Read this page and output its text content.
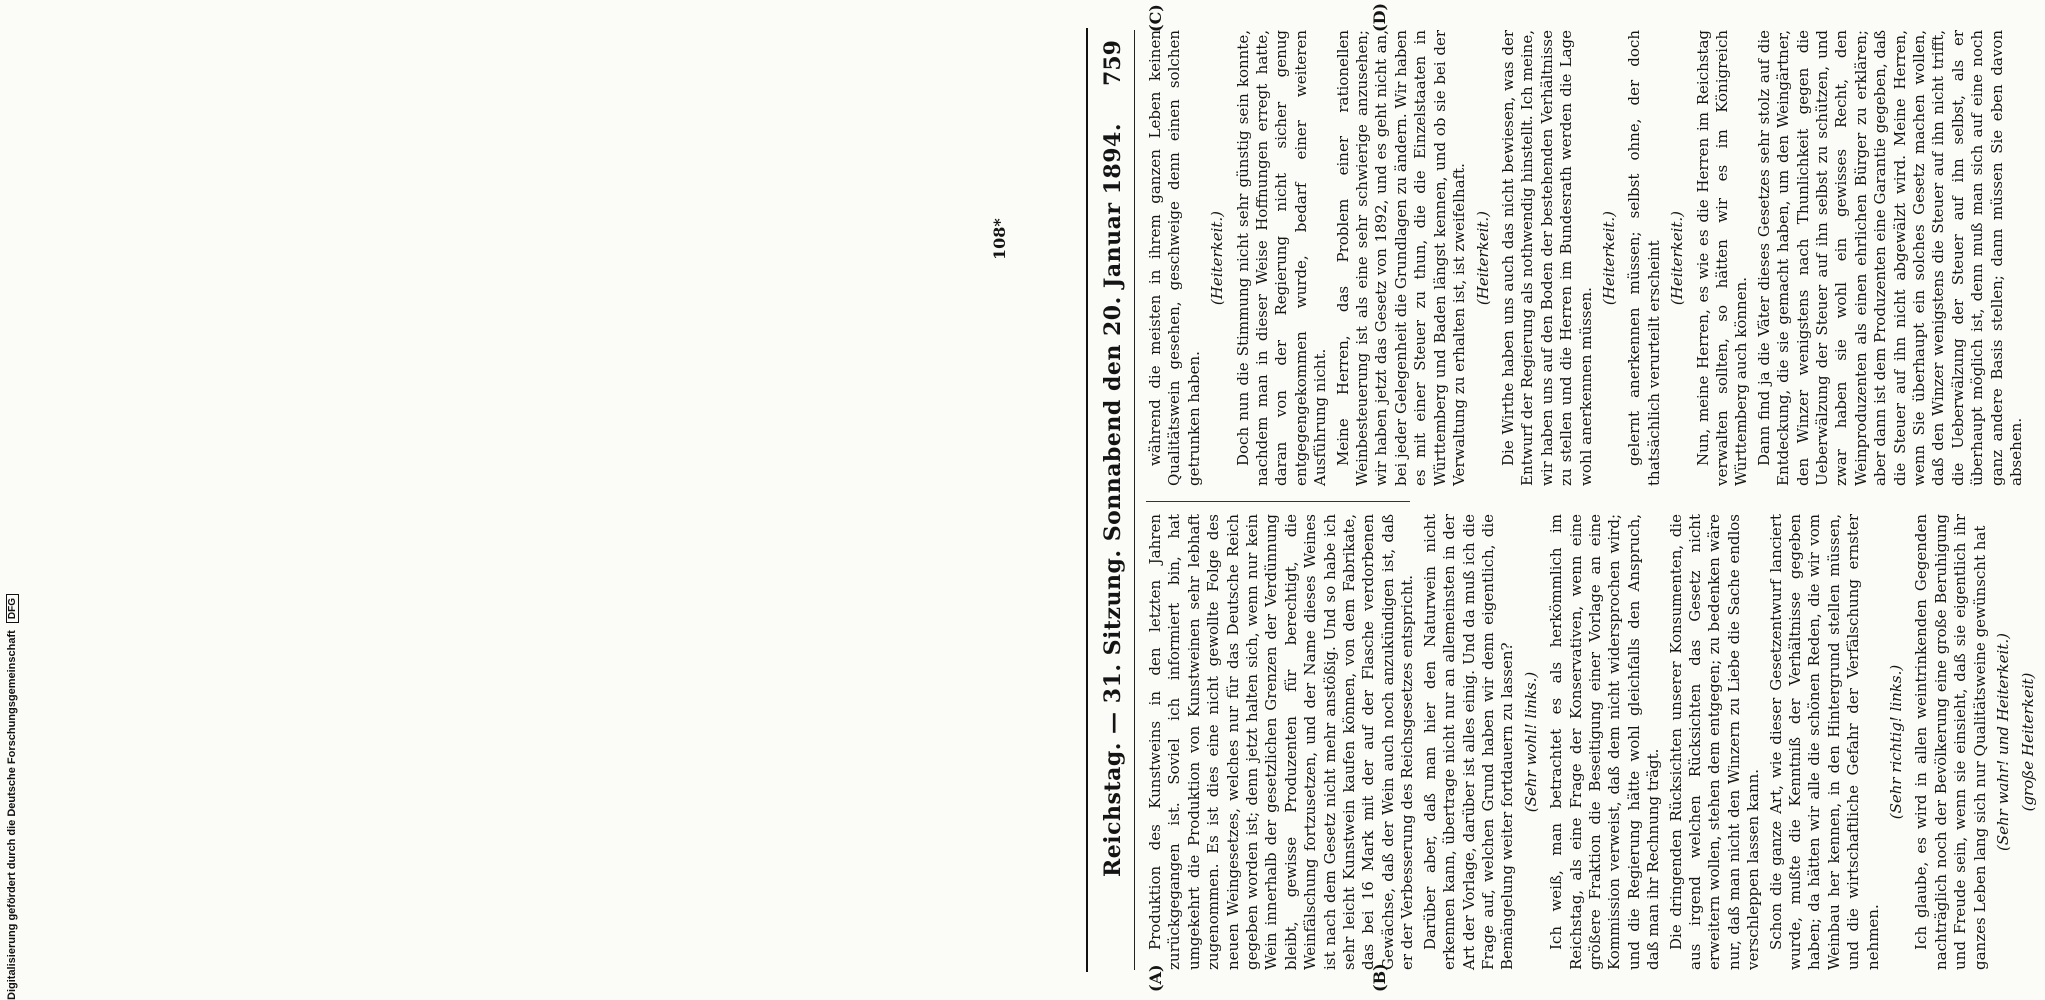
Reichstag. — 31. Sitzung. Sonnabend den 20. Januar 1894.
759
(A)	(B)
(C)	(D)

Produktion des Kunstweins in den letzten Jahren zurückgegangen ist. Soviel ich informiert bin, hat umgekehrt die Produktion von Kunstweinen sehr lebhaft zugenommen. Es ist dies eine nicht gewollte Folge des neuen Weingesetzes, welches nur für das Deutsche Reich gegeben worden ist; denn jetzt halten sich, wenn nur kein Wein innerhalb der gesetzlichen Grenzen der Verdünnung bleibt, gewisse Produzenten für berechtigt, die Weinfälschung fortzusetzen, und der Name dieses Weines ist nach dem Gesetz nicht mehr anstößig. Und so habe ich sehr leicht Kunstwein kaufen können, von dem Fabrikate, das bei 16 Mark mit der auf der Flasche verdorbenen Gewächse, daß der Wein auch noch anzukündigen ist, daß er der Verbesserung des Reichsgesetzes entspricht. Darüber aber, daß man hier den Naturwein nicht erkennen kann, übertrage nicht nur an allemeinsten in der Art der Vorlage, darüber ist alles einig. Und da muß ich die Frage auf, welchen Grund haben wir denn eigentlich, die Bemängelung weiter fortdauern zu lassen? (Sehr wohl! links.) Ich weiß, man betrachtet es als herkömmlich im Reichstag, als eine Frage der Konservativen, wenn eine größere Fraktion die Beseitigung einer Vorlage an eine Kommission verweist, daß dem nicht widersprochen wird; und die Regierung hätte wohl gleichfalls den Anspruch, daß man ihr Rechnung trägt. Die dringenden Rücksichten unserer Konsumenten, die aus irgend welchen Rücksichten das Gesetz nicht erweitern wollen, stehen dem entgegen; zu bedenken wäre nur, daß man nicht den Winzern zu Liebe die Sache endlos verschleppen lassen kann. Schon die ganze Art, wie dieser Gesetzentwurf lanciert wurde, mußte die Kenntniß der Verhältnisse gegeben haben; da hätten wir alle die schönen Reden, die wir vom Weinbau her kennen, in den Hintergrund stellen müssen, und die wirtschaftliche Gefahr der Verfälschung ernster nehmen.

(Sehr richtig! links.) Ich glaube, es wird in allen weintrinkenden Gegenden nachträglich noch der Bevölkerung eine große Beruhigung und Freude sein, wenn sie einsieht, daß sie eigentlich ihr ganzes Leben lang sich nur Qualitätsweine gewünscht hat (Sehr wahr! und Heiterkeit.) (große Heiterkeit)

während die meisten in ihrem ganzen Leben keinen Qualitätswein gesehen, geschweige denn einen solchen getrunken haben.

(Heiterkeit.) Doch nun die Stimmung nicht sehr günstig sein konnte, nachdem man in dieser Weise Hoffnungen erregt hatte, daran von der Regierung nicht sicher genug entgegengekommen wurde, bedarf einer weiteren Ausführung nicht. Meine Herren, das Problem einer rationellen Weinbesteuerung ist als eine sehr schwierige anzusehen; wir haben jetzt das Gesetz von 1892, und es geht nicht an, bei jeder Gelegenheit die Grundlagen zu ändern. Wir haben es mit einer Steuer zu thun, die die Einzelstaaten in Württemberg und Baden längst kennen, und ob sie bei der Verwaltung zu erhalten ist, ist zweifelhaft. (Heiterkeit.) Die Wirthe haben uns auch das nicht bewiesen, was der Entwurf der Regierung als nothwendig hinstellt. Ich meine, wir haben uns auf den Boden der bestehenden Verhältnisse zu stellen und die Herren im Bundesrath werden die Lage wohl anerkennen müssen.

(Heiterkeit.) gelernt anerkennen müssen; selbst ohne, der doch thatsächlich verurteilt erscheint (Heiterkeit.) Nun, meine Herren, es wie es die Herren im Reichstag verwalten sollten, so hätten wir es im Königreich Württemberg auch können. Dann find ja die Väter dieses Gesetzes sehr stolz auf die Entdeckung, die sie gemacht haben, um den Weingärtner, den Winzer wenigstens nach Thunlichkeit gegen die Ueberwälzung der Steuer auf ihn selbst zu schützen, und zwar haben sie wohl ein gewisses Recht, den Weinproduzenten als einen ehrlichen Bürger zu erklären; aber dann ist dem Produzenten eine Garantie gegeben, daß die Steuer auf ihn nicht abgewälzt wird. Meine Herren, wenn Sie überhaupt ein solches Gesetz machen wollen, daß den Winzer wenigstens die Steuer auf ihn nicht trifft, die Ueberwälzung der Steuer auf ihn selbst, als er überhaupt möglich ist, denn muß man sich auf eine noch ganz andere Basis stellen; dann müssen Sie eben davon absehen.

108*
Digitalisierung gefördert durch die Deutsche Forschungsgemeinschaft DFG
